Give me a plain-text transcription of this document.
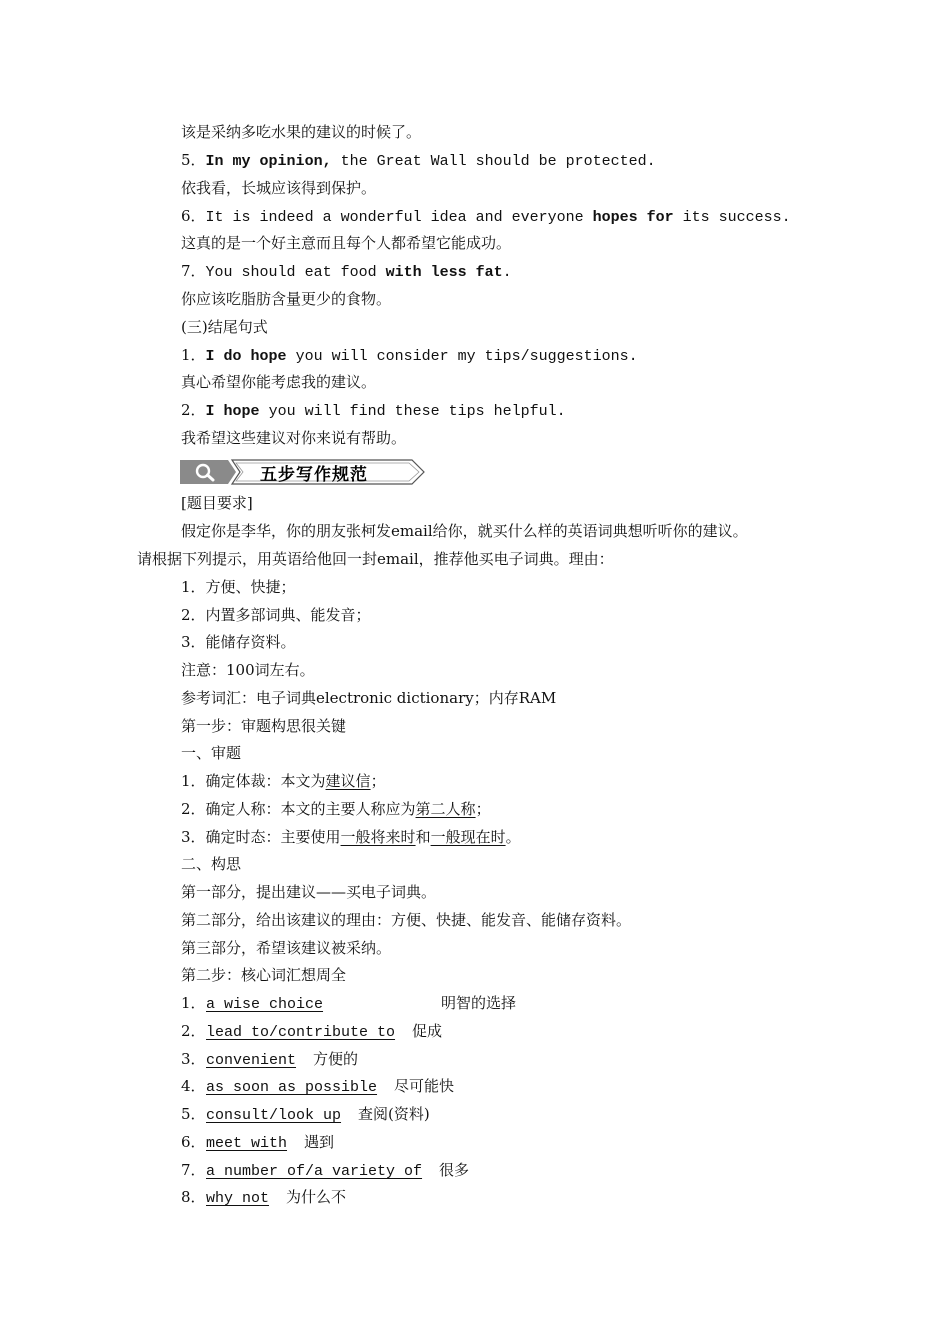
该是采纳多吃水果的建议的时候了。
5．In my opinion, the Great Wall should be protected.
依我看，长城应该得到保护。
6．It is indeed a wonderful idea and everyone hopes for its success.
这真的是一个好主意而且每个人都希望它能成功。
7．You should eat food with less fat.
你应该吃脂肪含量更少的食物。
(三)结尾句式
1．I do hope you will consider my tips/suggestions.
真心希望你能考虑我的建议。
2．I hope you will find these tips helpful.
我希望这些建议对你来说有帮助。
五步写作规范
[题目要求]
假定你是李华，你的朋友张柯发email给你，就买什么样的英语词典想听听你的建议。
请根据下列提示，用英语给他回一封email，推荐他买电子词典。理由：
1．方便、快捷；
2．内置多部词典、能发音；
3．能储存资料。
注意：100词左右。
参考词汇：电子词典electronic dictionary；内存RAM
第一步：审题构思很关键
一、审题
1．确定体裁：本文为建议信；
2．确定人称：本文的主要人称应为第二人称；
3．确定时态：主要使用一般将来时和一般现在时。
二、构思
第一部分，提出建议——买电子词典。
第二部分，给出该建议的理由：方便、快捷、能发音、能储存资料。
第三部分，希望该建议被采纳。
第二步：核心词汇想周全
1．a wise choice	明智的选择
2．lead to/contribute to 促成
3．convenient 方便的
4．as soon as possible 尽可能快
5．consult/look up 查阅(资料)
6．meet with 遇到
7．a number of/a variety of 很多
8．why not 为什么不
